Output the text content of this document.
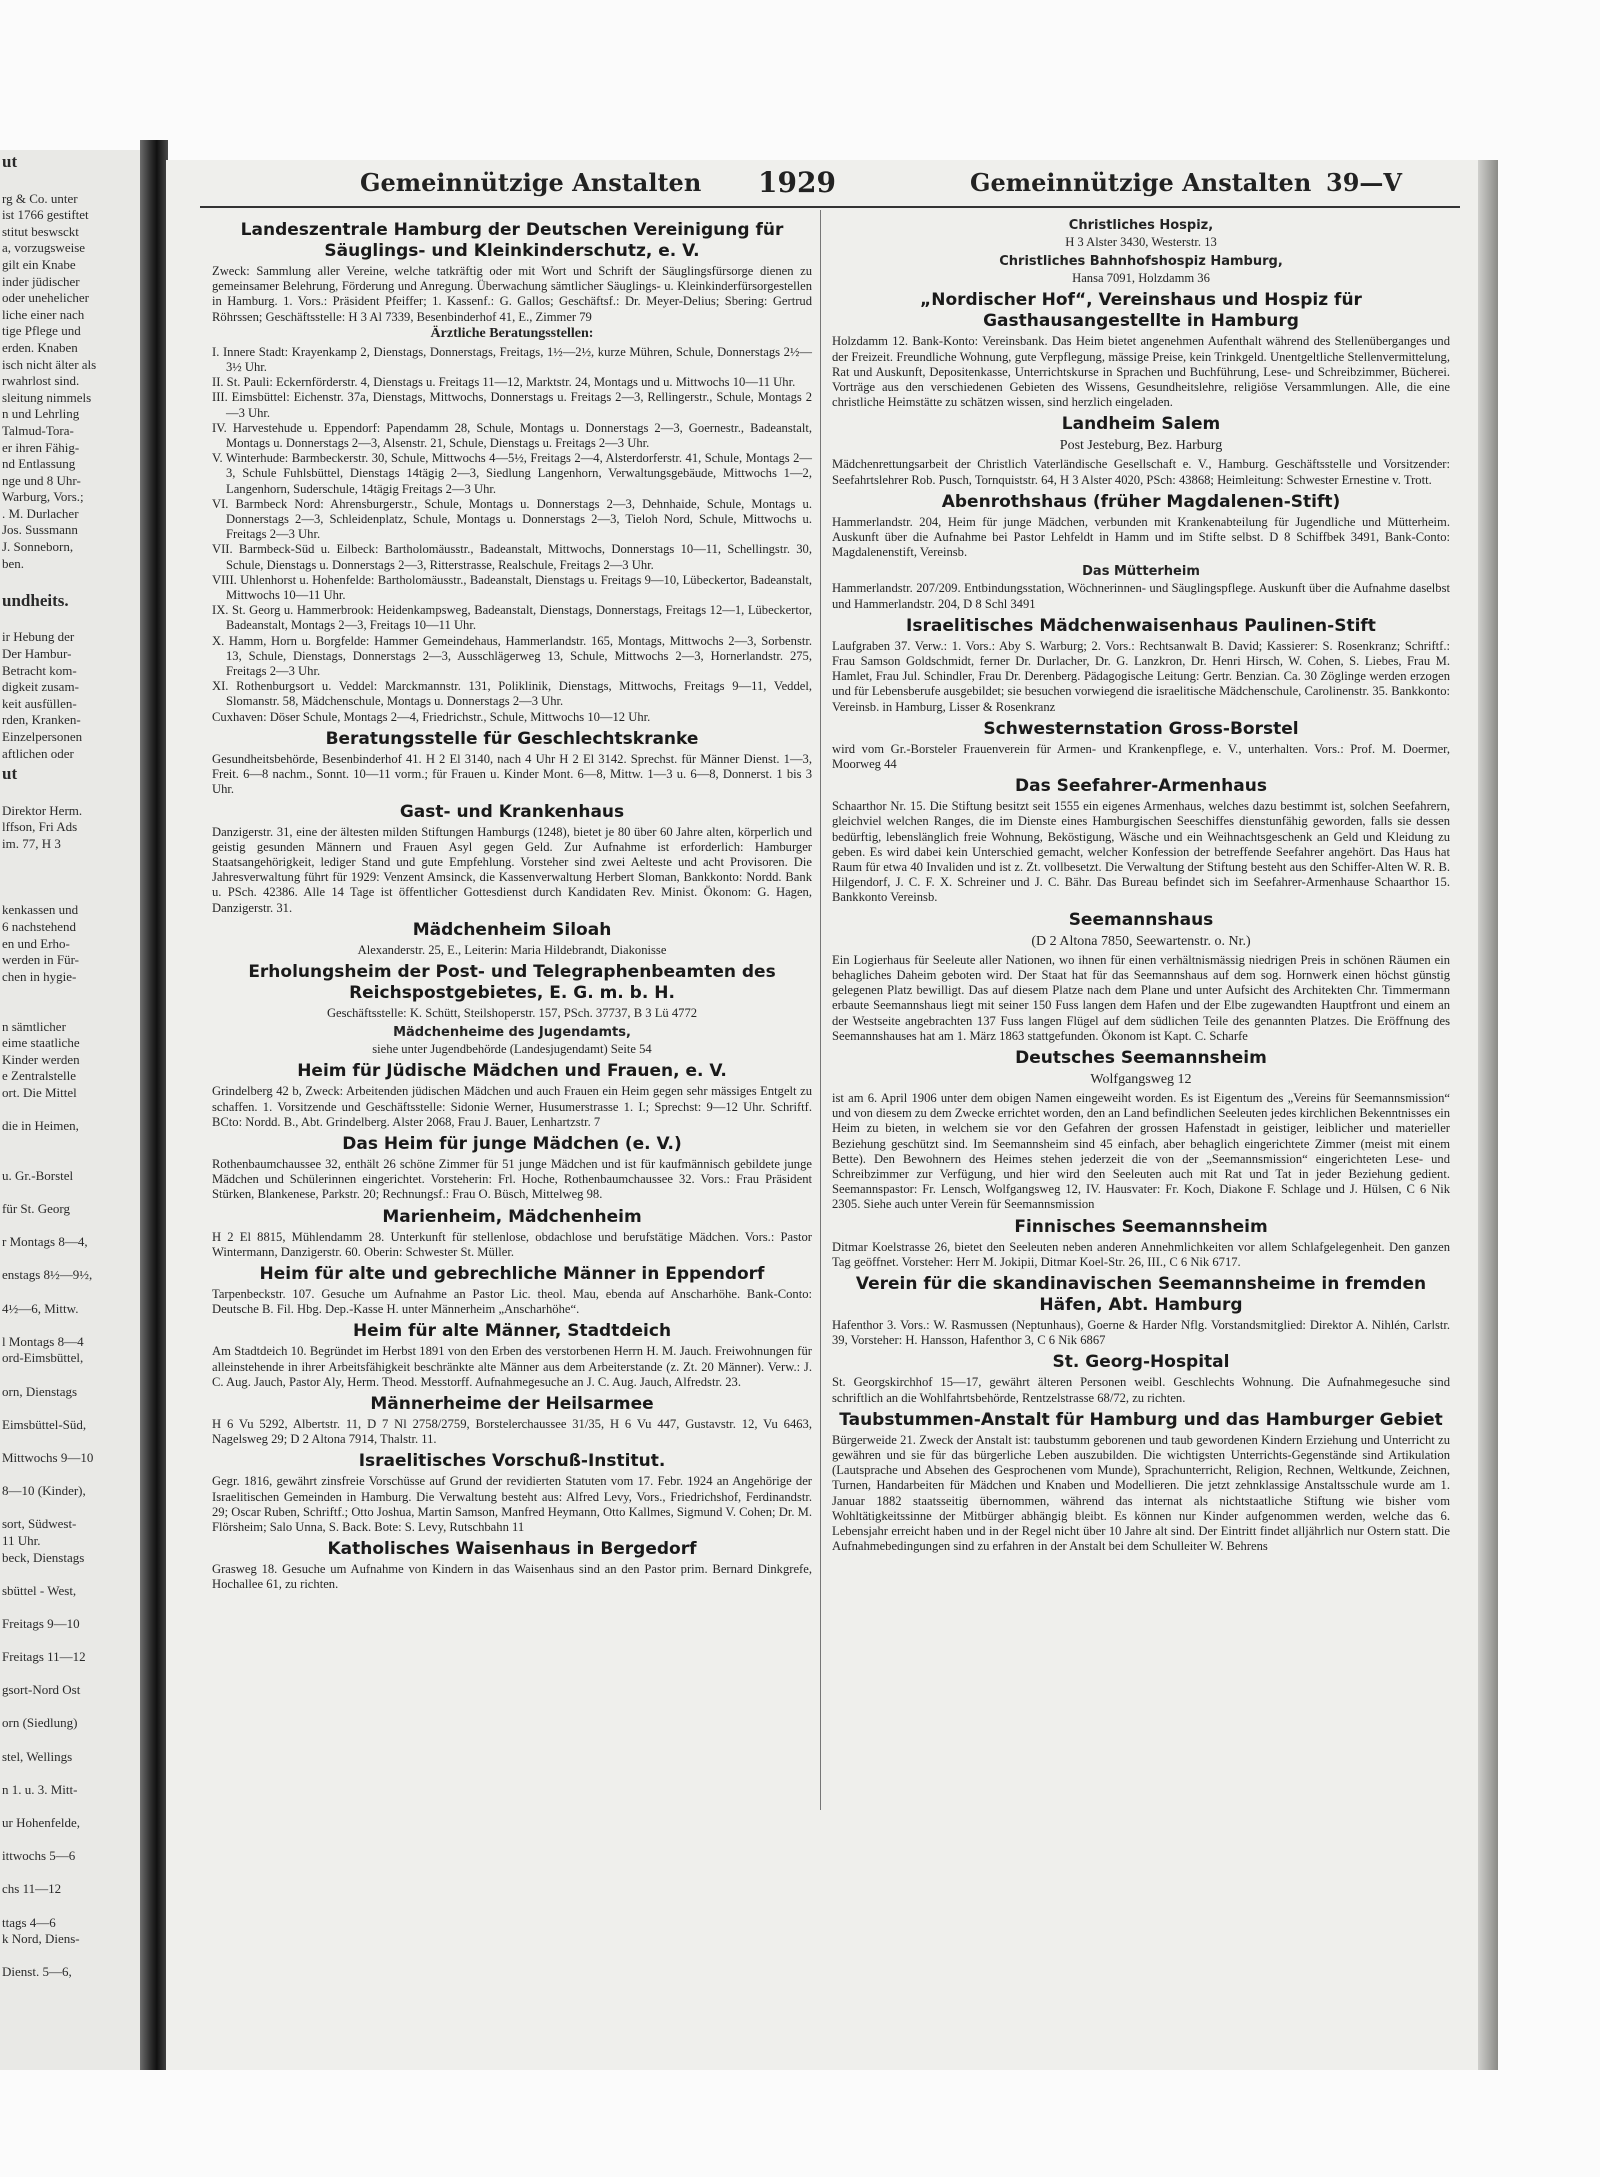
ut

rg & Co. unter
ist 1766 gestiftet
stitut beswsckt
a, vorzugsweise
gilt ein Knabe
inder jüdischer
oder unehelicher
liche einer nach
tige Pflege und
erden. Knaben
isch nicht älter als
rwahrlost sind.
sleitung nimmels
n und Lehrling
Talmud-Tora-
er ihren Fähig-
nd Entlassung
nge und 8 Uhr-
Warburg, Vors.;
. M. Durlacher
Jos. Sussmann
J. Sonneborn,
ben.

undheits.

ir Hebung der
Der Hambur-
Betracht kom-
digkeit zusam-
keit ausfüllen-
rden, Kranken-
Einzelpersonen
aftlichen oder
ut

Direktor Herm.
lffson, Fri Ads
im. 77, H 3

kenkassen und
6 nachstehend
en und Erho-
werden in Für-
chen in hygie-

n sämtlicher
eime staatliche
Kinder werden
e Zentralstelle
ort. Die Mittel

die in Heimen,

u. Gr.-Borstel

für St. Georg

r Montags 8—4,

enstags 8½—9½,

4½—6, Mittw.

l Montags 8—4
ord-Eimsbüttel,

orn, Dienstags

Eimsbüttel-Süd,

Mittwochs 9—10

8—10 (Kinder),

sort, Südwest-
11 Uhr.
beck, Dienstags

sbüttel - West,

Freitags 9—10

Freitags 11—12

gsort-Nord Ost

orn (Siedlung)

stel, Wellings

n 1. u. 3. Mitt-

ur Hohenfelde,

ittwochs 5—6

chs 11—12

ttags 4—6
k Nord, Diens-

Dienst. 5—6,
Gemeinnützige Anstalten 1929	Gemeinnützige Anstalten 39—V
Landeszentrale Hamburg der Deutschen Vereinigung für Säuglings- und Kleinkinderschutz, e. V.

Zweck: Sammlung aller Vereine, welche tatkräftig oder mit Wort und Schrift der Säuglingsfürsorge dienen zu gemeinsamer Belehrung, Förderung und Anregung. Überwachung sämtlicher Säuglings- u. Kleinkinderfürsorgestellen in Hamburg. 1. Vors.: Präsident Pfeiffer; 1. Kassenf.: G. Gallos; Geschäftsf.: Dr. Meyer-Delius; Sbering: Gertrud Röhrssen; Geschäftsstelle: H 3 Al 7339, Besenbinderhof 41, E., Zimmer 79

Ärztliche Beratungsstellen:

I. Innere Stadt: Krayenkamp 2, Dienstags, Donnerstags, Freitags, 1½—2½, kurze Mühren, Schule, Donnerstags 2½—3½ Uhr.

II. St. Pauli: Eckernförderstr. 4, Dienstags u. Freitags 11—12, Marktstr. 24, Montags und u. Mittwochs 10—11 Uhr.

III. Eimsbüttel: Eichenstr. 37a, Dienstags, Mittwochs, Donnerstags u. Freitags 2—3, Rellingerstr., Schule, Montags 2—3 Uhr.

IV. Harvestehude u. Eppendorf: Papendamm 28, Schule, Montags u. Donnerstags 2—3, Goernestr., Badeanstalt, Montags u. Donnerstags 2—3, Alsenstr. 21, Schule, Dienstags u. Freitags 2—3 Uhr.

V. Winterhude: Barmbeckerstr. 30, Schule, Mittwochs 4—5½, Freitags 2—4, Alsterdorferstr. 41, Schule, Montags 2—3, Schule Fuhlsbüttel, Dienstags 14tägig 2—3, Siedlung Langenhorn, Verwaltungsgebäude, Mittwochs 1—2, Langenhorn, Suderschule, 14tägig Freitags 2—3 Uhr.

VI. Barmbeck Nord: Ahrensburgerstr., Schule, Montags u. Donnerstags 2—3, Dehnhaide, Schule, Montags u. Donnerstags 2—3, Schleidenplatz, Schule, Montags u. Donnerstags 2—3, Tieloh Nord, Schule, Mittwochs u. Freitags 2—3 Uhr.

VII. Barmbeck-Süd u. Eilbeck: Bartholomäusstr., Badeanstalt, Mittwochs, Donnerstags 10—11, Schellingstr. 30, Schule, Dienstags u. Donnerstags 2—3, Ritterstrasse, Realschule, Freitags 2—3 Uhr.

VIII. Uhlenhorst u. Hohenfelde: Bartholomäusstr., Badeanstalt, Dienstags u. Freitags 9—10, Lübeckertor, Badeanstalt, Mittwochs 10—11 Uhr.

IX. St. Georg u. Hammerbrook: Heidenkampsweg, Badeanstalt, Dienstags, Donnerstags, Freitags 12—1, Lübeckertor, Badeanstalt, Montags 2—3, Freitags 10—11 Uhr.

X. Hamm, Horn u. Borgfelde: Hammer Gemeindehaus, Hammerlandstr. 165, Montags, Mittwochs 2—3, Sorbenstr. 13, Schule, Dienstags, Donnerstags 2—3, Ausschlägerweg 13, Schule, Mittwochs 2—3, Hornerlandstr. 275, Freitags 2—3 Uhr.

XI. Rothenburgsort u. Veddel: Marckmannstr. 131, Poliklinik, Dienstags, Mittwochs, Freitags 9—11, Veddel, Slomanstr. 58, Mädchenschule, Montags u. Donnerstags 2—3 Uhr.

Cuxhaven: Döser Schule, Montags 2—4, Friedrichstr., Schule, Mittwochs 10—12 Uhr.

Beratungsstelle für Geschlechtskranke

Gesundheitsbehörde, Besenbinderhof 41. H 2 El 3140, nach 4 Uhr H 2 El 3142. Sprechst. für Männer Dienst. 1—3, Freit. 6—8 nachm., Sonnt. 10—11 vorm.; für Frauen u. Kinder Mont. 6—8, Mittw. 1—3 u. 6—8, Donnerst. 1 bis 3 Uhr.

Gast- und Krankenhaus

Danzigerstr. 31, eine der ältesten milden Stiftungen Hamburgs (1248), bietet je 80 über 60 Jahre alten, körperlich und geistig gesunden Männern und Frauen Asyl gegen Geld. Zur Aufnahme ist erforderlich: Hamburger Staatsangehörigkeit, lediger Stand und gute Empfehlung. Vorsteher sind zwei Aelteste und acht Provisoren. Die Jahresverwaltung führt für 1929: Venzent Amsinck, die Kassenverwaltung Herbert Sloman, Bankkonto: Nordd. Bank u. PSch. 42386. Alle 14 Tage ist öffentlicher Gottesdienst durch Kandidaten Rev. Minist. Ökonom: G. Hagen, Danzigerstr. 31.

Mädchenheim Siloah

Alexanderstr. 25, E., Leiterin: Maria Hildebrandt, Diakonisse

Erholungsheim der Post- und Telegraphenbeamten des Reichspostgebietes, E. G. m. b. H.

Geschäftsstelle: K. Schütt, Steilshoperstr. 157, PSch. 37737, B 3 Lü 4772

Mädchenheime des Jugendamts,

siehe unter Jugendbehörde (Landesjugendamt) Seite 54

Heim für Jüdische Mädchen und Frauen, e. V.

Grindelberg 42 b, Zweck: Arbeitenden jüdischen Mädchen und auch Frauen ein Heim gegen sehr mässiges Entgelt zu schaffen. 1. Vorsitzende und Geschäftsstelle: Sidonie Werner, Husumerstrasse 1. I.; Sprechst: 9—12 Uhr. Schriftf. BCto: Nordd. B., Abt. Grindelberg. Alster 2068, Frau J. Bauer, Lenhartzstr. 7

Das Heim für junge Mädchen (e. V.)

Rothenbaumchaussee 32, enthält 26 schöne Zimmer für 51 junge Mädchen und ist für kaufmännisch gebildete junge Mädchen und Schülerinnen eingerichtet. Vorsteherin: Frl. Hoche, Rothenbaumchaussee 32. Vors.: Frau Präsident Stürken, Blankenese, Parkstr. 20; Rechnungsf.: Frau O. Büsch, Mittelweg 98.

Marienheim, Mädchenheim

H 2 El 8815, Mühlendamm 28. Unterkunft für stellenlose, obdachlose und berufstätige Mädchen. Vors.: Pastor Wintermann, Danzigerstr. 60. Oberin: Schwester St. Müller.

Heim für alte und gebrechliche Männer in Eppendorf

Tarpenbeckstr. 107. Gesuche um Aufnahme an Pastor Lic. theol. Mau, ebenda auf Anscharhöhe. Bank-Conto: Deutsche B. Fil. Hbg. Dep.-Kasse H. unter Männerheim „Anscharhöhe“.

Heim für alte Männer, Stadtdeich

Am Stadtdeich 10. Begründet im Herbst 1891 von den Erben des verstorbenen Herrn H. M. Jauch. Freiwohnungen für alleinstehende in ihrer Arbeitsfähigkeit beschränkte alte Männer aus dem Arbeiterstande (z. Zt. 20 Männer). Verw.: J. C. Aug. Jauch, Pastor Aly, Herm. Theod. Messtorff. Aufnahmegesuche an J. C. Aug. Jauch, Alfredstr. 23.

Männerheime der Heilsarmee

H 6 Vu 5292, Albertstr. 11, D 7 Nl 2758/2759, Borstelerchaussee 31/35, H 6 Vu 447, Gustavstr. 12, Vu 6463, Nagelsweg 29; D 2 Altona 7914, Thalstr. 11.

Israelitisches Vorschuß-Institut.

Gegr. 1816, gewährt zinsfreie Vorschüsse auf Grund der revidierten Statuten vom 17. Febr. 1924 an Angehörige der Israelitischen Gemeinden in Hamburg. Die Verwaltung besteht aus: Alfred Levy, Vors., Friedrichshof, Ferdinandstr. 29; Oscar Ruben, Schriftf.; Otto Joshua, Martin Samson, Manfred Heymann, Otto Kallmes, Sigmund V. Cohen; Dr. M. Flörsheim; Salo Unna, S. Back. Bote: S. Levy, Rutschbahn 11

Katholisches Waisenhaus in Bergedorf

Grasweg 18. Gesuche um Aufnahme von Kindern in das Waisenhaus sind an den Pastor prim. Bernard Dinkgrefe, Hochallee 61, zu richten.

Christliches Hospiz,

H 3 Alster 3430, Westerstr. 13

Christliches Bahnhofshospiz Hamburg,

Hansa 7091, Holzdamm 36

„Nordischer Hof“, Vereinshaus und Hospiz für Gasthausangestellte in Hamburg

Holzdamm 12. Bank-Konto: Vereinsbank. Das Heim bietet angenehmen Aufenthalt während des Stellenüberganges und der Freizeit. Freundliche Wohnung, gute Verpflegung, mässige Preise, kein Trinkgeld. Unentgeltliche Stellenvermittelung, Rat und Auskunft, Depositenkasse, Unterrichtskurse in Sprachen und Buchführung, Lese- und Schreibzimmer, Bücherei. Vorträge aus den verschiedenen Gebieten des Wissens, Gesundheitslehre, religiöse Versammlungen. Alle, die eine christliche Heimstätte zu schätzen wissen, sind herzlich eingeladen.

Landheim Salem

Post Jesteburg, Bez. Harburg

Mädchenrettungsarbeit der Christlich Vaterländische Gesellschaft e. V., Hamburg. Geschäftsstelle und Vorsitzender: Seefahrtslehrer Rob. Pusch, Tornquiststr. 64, H 3 Alster 4020, PSch: 43868; Heimleitung: Schwester Ernestine v. Trott.

Abenrothshaus (früher Magdalenen-Stift)

Hammerlandstr. 204, Heim für junge Mädchen, verbunden mit Krankenabteilung für Jugendliche und Mütterheim. Auskunft über die Aufnahme bei Pastor Lehfeldt in Hamm und im Stifte selbst. D 8 Schiffbek 3491, Bank-Conto: Magdalenenstift, Vereinsb.

Das Mütterheim

Hammerlandstr. 207/209. Entbindungsstation, Wöchnerinnen- und Säuglingspflege. Auskunft über die Aufnahme daselbst und Hammerlandstr. 204, D 8 Schl 3491

Israelitisches Mädchenwaisenhaus Paulinen-Stift

Laufgraben 37. Verw.: 1. Vors.: Aby S. Warburg; 2. Vors.: Rechtsanwalt B. David; Kassierer: S. Rosenkranz; Schriftf.: Frau Samson Goldschmidt, ferner Dr. Durlacher, Dr. G. Lanzkron, Dr. Henri Hirsch, W. Cohen, S. Liebes, Frau M. Hamlet, Frau Jul. Schindler, Frau Dr. Derenberg. Pädagogische Leitung: Gertr. Benzian. Ca. 30 Zöglinge werden erzogen und für Lebensberufe ausgebildet; sie besuchen vorwiegend die israelitische Mädchenschule, Carolinenstr. 35. Bankkonto: Vereinsb. in Hamburg, Lisser & Rosenkranz

Schwesternstation Gross-Borstel

wird vom Gr.-Borsteler Frauenverein für Armen- und Krankenpflege, e. V., unterhalten. Vors.: Prof. M. Doermer, Moorweg 44

Das Seefahrer-Armenhaus

Schaarthor Nr. 15. Die Stiftung besitzt seit 1555 ein eigenes Armenhaus, welches dazu bestimmt ist, solchen Seefahrern, gleichviel welchen Ranges, die im Dienste eines Hamburgischen Seeschiffes dienstunfähig geworden, falls sie dessen bedürftig, lebenslänglich freie Wohnung, Beköstigung, Wäsche und ein Weihnachtsgeschenk an Geld und Kleidung zu geben. Es wird dabei kein Unterschied gemacht, welcher Konfession der betreffende Seefahrer angehört. Das Haus hat Raum für etwa 40 Invaliden und ist z. Zt. vollbesetzt. Die Verwaltung der Stiftung besteht aus den Schiffer-Alten W. R. B. Hilgendorf, J. C. F. X. Schreiner und J. C. Bähr. Das Bureau befindet sich im Seefahrer-Armenhause Schaarthor 15. Bankkonto Vereinsb.

Seemannshaus

(D 2 Altona 7850, Seewartenstr. o. Nr.)

Ein Logierhaus für Seeleute aller Nationen, wo ihnen für einen verhältnismässig niedrigen Preis in schönen Räumen ein behagliches Daheim geboten wird. Der Staat hat für das Seemannshaus auf dem sog. Hornwerk einen höchst günstig gelegenen Platz bewilligt. Das auf diesem Platze nach dem Plane und unter Aufsicht des Architekten Chr. Timmermann erbaute Seemannshaus liegt mit seiner 150 Fuss langen dem Hafen und der Elbe zugewandten Hauptfront und einem an der Westseite angebrachten 137 Fuss langen Flügel auf dem südlichen Teile des genannten Platzes. Die Eröffnung des Seemannshauses hat am 1. März 1863 stattgefunden. Ökonom ist Kapt. C. Scharfe

Deutsches Seemannsheim

Wolfgangsweg 12

ist am 6. April 1906 unter dem obigen Namen eingeweiht worden. Es ist Eigentum des „Vereins für Seemannsmission“ und von diesem zu dem Zwecke errichtet worden, den an Land befindlichen Seeleuten jedes kirchlichen Bekenntnisses ein Heim zu bieten, in welchem sie vor den Gefahren der grossen Hafenstadt in geistiger, leiblicher und materieller Beziehung geschützt sind. Im Seemannsheim sind 45 einfach, aber behaglich eingerichtete Zimmer (meist mit einem Bette). Den Bewohnern des Heimes stehen jederzeit die von der „Seemannsmission“ eingerichteten Lese- und Schreibzimmer zur Verfügung, und hier wird den Seeleuten auch mit Rat und Tat in jeder Beziehung gedient. Seemannspastor: Fr. Lensch, Wolfgangsweg 12, IV. Hausvater: Fr. Koch, Diakone F. Schlage und J. Hülsen, C 6 Nik 2305. Siehe auch unter Verein für Seemannsmission

Finnisches Seemannsheim

Ditmar Koelstrasse 26, bietet den Seeleuten neben anderen Annehmlichkeiten vor allem Schlafgelegenheit. Den ganzen Tag geöffnet. Vorsteher: Herr M. Jokipii, Ditmar Koel-Str. 26, III., C 6 Nik 6717.

Verein für die skandinavischen Seemannsheime in fremden Häfen, Abt. Hamburg

Hafenthor 3. Vors.: W. Rasmussen (Neptunhaus), Goerne & Harder Nflg. Vorstandsmitglied: Direktor A. Nihlén, Carlstr. 39, Vorsteher: H. Hansson, Hafenthor 3, C 6 Nik 6867

St. Georg-Hospital

St. Georgskirchhof 15—17, gewährt älteren Personen weibl. Geschlechts Wohnung. Die Aufnahmegesuche sind schriftlich an die Wohlfahrtsbehörde, Rentzelstrasse 68/72, zu richten.

Taubstummen-Anstalt für Hamburg und das Hamburger Gebiet

Bürgerweide 21. Zweck der Anstalt ist: taubstumm geborenen und taub gewordenen Kindern Erziehung und Unterricht zu gewähren und sie für das bürgerliche Leben auszubilden. Die wichtigsten Unterrichts-Gegenstände sind Artikulation (Lautsprache und Absehen des Gesprochenen vom Munde), Sprachunterricht, Religion, Rechnen, Weltkunde, Zeichnen, Turnen, Handarbeiten für Mädchen und Knaben und Modellieren. Die jetzt zehnklassige Anstaltsschule wurde am 1. Januar 1882 staatsseitig übernommen, während das internat als nichtstaatliche Stiftung wie bisher vom Wohltätigkeitssinne der Mitbürger abhängig bleibt. Es können nur Kinder aufgenommen werden, welche das 6. Lebensjahr erreicht haben und in der Regel nicht über 10 Jahre alt sind. Der Eintritt findet alljährlich nur Ostern statt. Die Aufnahmebedingungen sind zu erfahren in der Anstalt bei dem Schulleiter W. Behrens
